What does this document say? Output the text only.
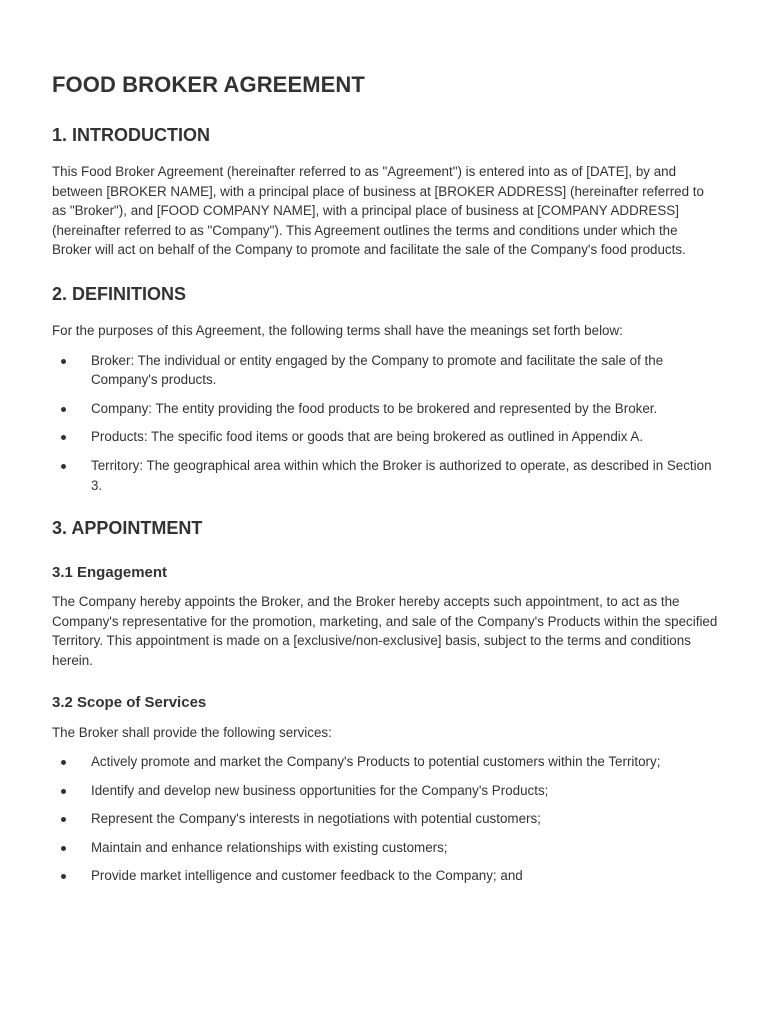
FOOD BROKER AGREEMENT
1. INTRODUCTION

This Food Broker Agreement (hereinafter referred to as "Agreement") is entered into as of [DATE], by and between [BROKER NAME], with a principal place of business at [BROKER ADDRESS] (hereinafter referred to as "Broker"), and [FOOD COMPANY NAME], with a principal place of business at [COMPANY ADDRESS] (hereinafter referred to as "Company"). This Agreement outlines the terms and conditions under which the Broker will act on behalf of the Company to promote and facilitate the sale of the Company's food products.

2. DEFINITIONS

For the purposes of this Agreement, the following terms shall have the meanings set forth below:

Broker: The individual or entity engaged by the Company to promote and facilitate the sale of the Company's products.
Company: The entity providing the food products to be brokered and represented by the Broker.
Products: The specific food items or goods that are being brokered as outlined in Appendix A.
Territory: The geographical area within which the Broker is authorized to operate, as described in Section 3.
3. APPOINTMENT
3.1 Engagement

The Company hereby appoints the Broker, and the Broker hereby accepts such appointment, to act as the Company's representative for the promotion, marketing, and sale of the Company's Products within the specified Territory. This appointment is made on a [exclusive/non-exclusive] basis, subject to the terms and conditions herein.

3.2 Scope of Services

The Broker shall provide the following services:

Actively promote and market the Company's Products to potential customers within the Territory;
Identify and develop new business opportunities for the Company's Products;
Represent the Company's interests in negotiations with potential customers;
Maintain and enhance relationships with existing customers;
Provide market intelligence and customer feedback to the Company; and
